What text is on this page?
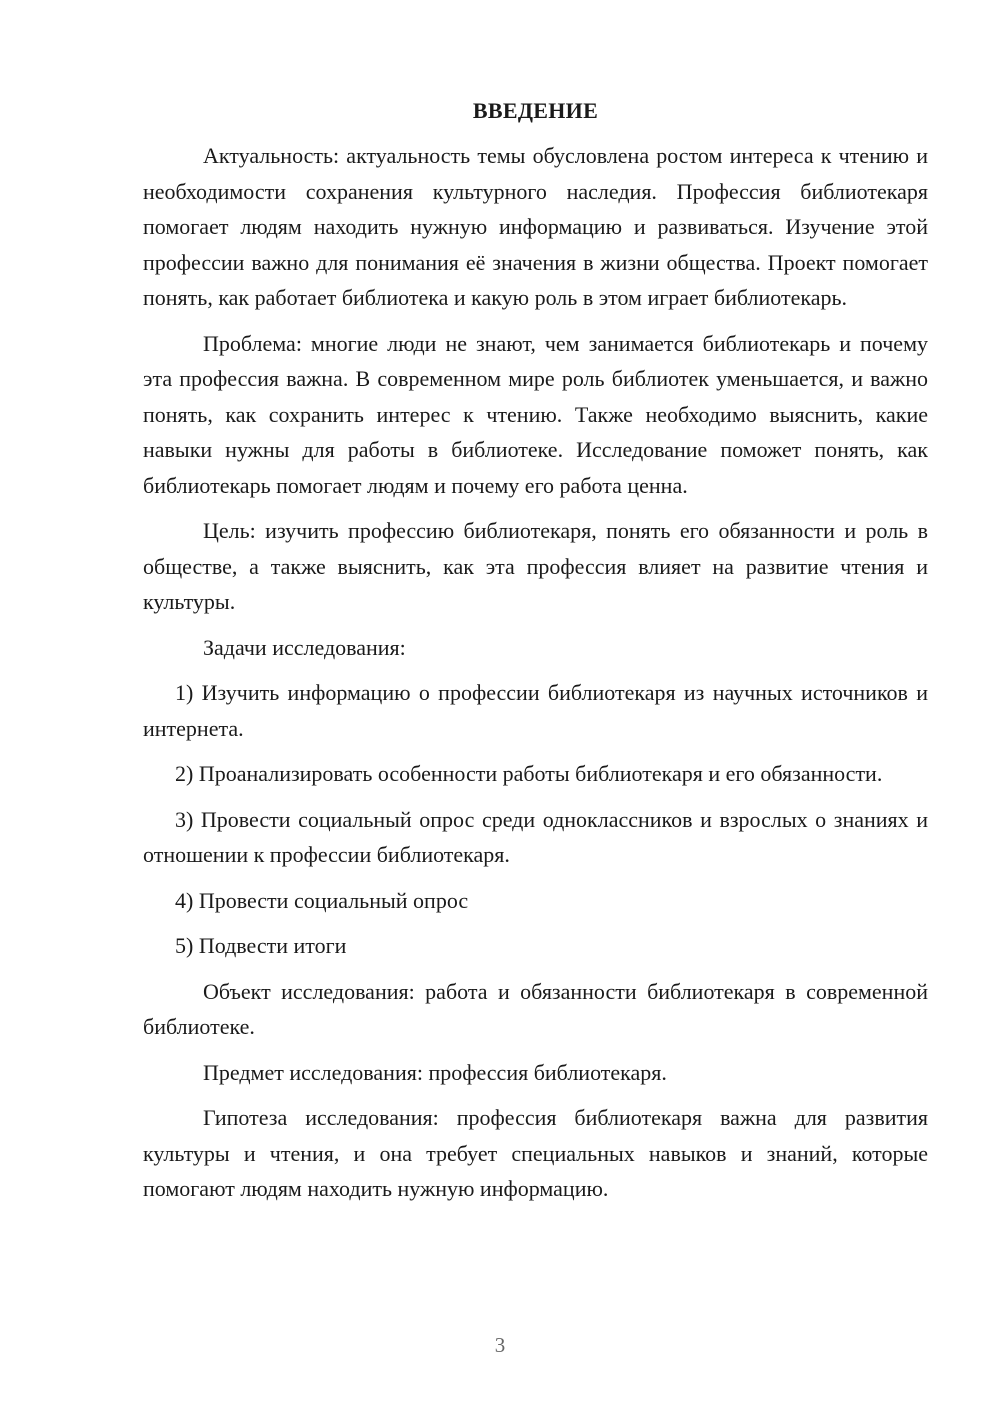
ВВЕДЕНИЕ

Актуальность: актуальность темы обусловлена ростом интереса к чтению и необходимости сохранения культурного наследия. Профессия библиотекаря помогает людям находить нужную информацию и развиваться. Изучение этой профессии важно для понимания её значения в жизни общества. Проект помогает понять, как работает библиотека и какую роль в этом играет библиотекарь.

Проблема: многие люди не знают, чем занимается библиотекарь и почему эта профессия важна. В современном мире роль библиотек уменьшается, и важно понять, как сохранить интерес к чтению. Также необходимо выяснить, какие навыки нужны для работы в библиотеке. Исследование поможет понять, как библиотекарь помогает людям и почему его работа ценна.

Цель: изучить профессию библиотекаря, понять его обязанности и роль в обществе, а также выяснить, как эта профессия влияет на развитие чтения и культуры.

Задачи исследования:

1) Изучить информацию о профессии библиотекаря из научных источников и интернета.

2) Проанализировать особенности работы библиотекаря и его обязанности.

3) Провести социальный опрос среди одноклассников и взрослых о знаниях и отношении к профессии библиотекаря.

4) Провести социальный опрос

5) Подвести итоги

Объект исследования: работа и обязанности библиотекаря в современной библиотеке.

Предмет исследования: профессия библиотекаря.

Гипотеза исследования: профессия библиотекаря важна для развития культуры и чтения, и она требует специальных навыков и знаний, которые помогают людям находить нужную информацию.

3
